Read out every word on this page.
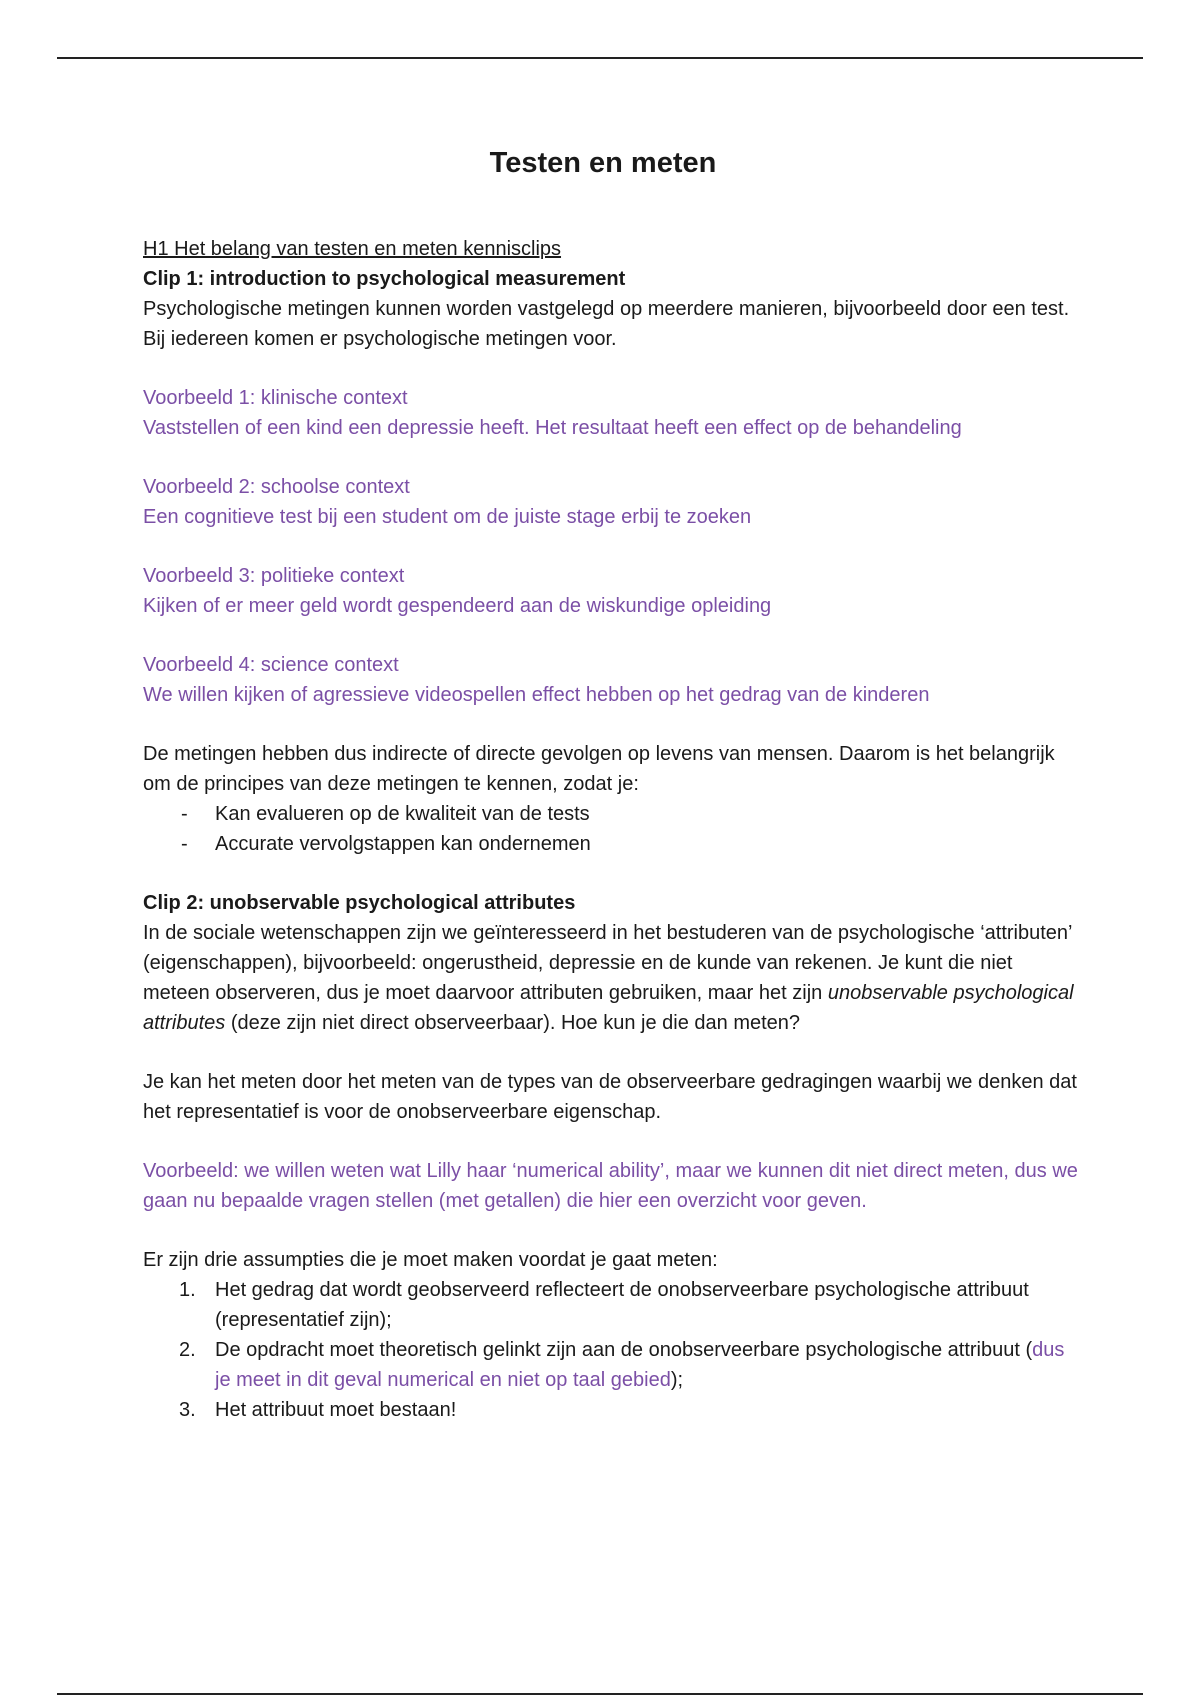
Testen en meten

H1 Het belang van testen en meten kennisclips

Clip 1: introduction to psychological measurement

Psychologische metingen kunnen worden vastgelegd op meerdere manieren, bijvoorbeeld door een test. Bij iedereen komen er psychologische metingen voor.

Voorbeeld 1: klinische context

Vaststellen of een kind een depressie heeft. Het resultaat heeft een effect op de behandeling

Voorbeeld 2: schoolse context

Een cognitieve test bij een student om de juiste stage erbij te zoeken

Voorbeeld 3: politieke context

Kijken of er meer geld wordt gespendeerd aan de wiskundige opleiding

Voorbeeld 4: science context

We willen kijken of agressieve videospellen effect hebben op het gedrag van de kinderen

De metingen hebben dus indirecte of directe gevolgen op levens van mensen. Daarom is het belangrijk om de principes van deze metingen te kennen, zodat je:

- Kan evalueren op de kwaliteit van de tests
- Accurate vervolgstappen kan ondernemen

Clip 2: unobservable psychological attributes

In de sociale wetenschappen zijn we geïnteresseerd in het bestuderen van de psychologische ‘attributen’ (eigenschappen), bijvoorbeeld: ongerustheid, depressie en de kunde van rekenen. Je kunt die niet meteen observeren, dus je moet daarvoor attributen gebruiken, maar het zijn unobservable psychological attributes (deze zijn niet direct observeerbaar). Hoe kun je die dan meten?

Je kan het meten door het meten van de types van de observeerbare gedragingen waarbij we denken dat het representatief is voor de onobserveerbare eigenschap.

Voorbeeld: we willen weten wat Lilly haar ‘numerical ability’, maar we kunnen dit niet direct meten, dus we gaan nu bepaalde vragen stellen (met getallen) die hier een overzicht voor geven.

Er zijn drie assumpties die je moet maken voordat je gaat meten:

1. Het gedrag dat wordt geobserveerd reflecteert de onobserveerbare psychologische attribuut (representatief zijn);
2. De opdracht moet theoretisch gelinkt zijn aan de onobserveerbare psychologische attribuut (dus je meet in dit geval numerical en niet op taal gebied);
3. Het attribuut moet bestaan!
